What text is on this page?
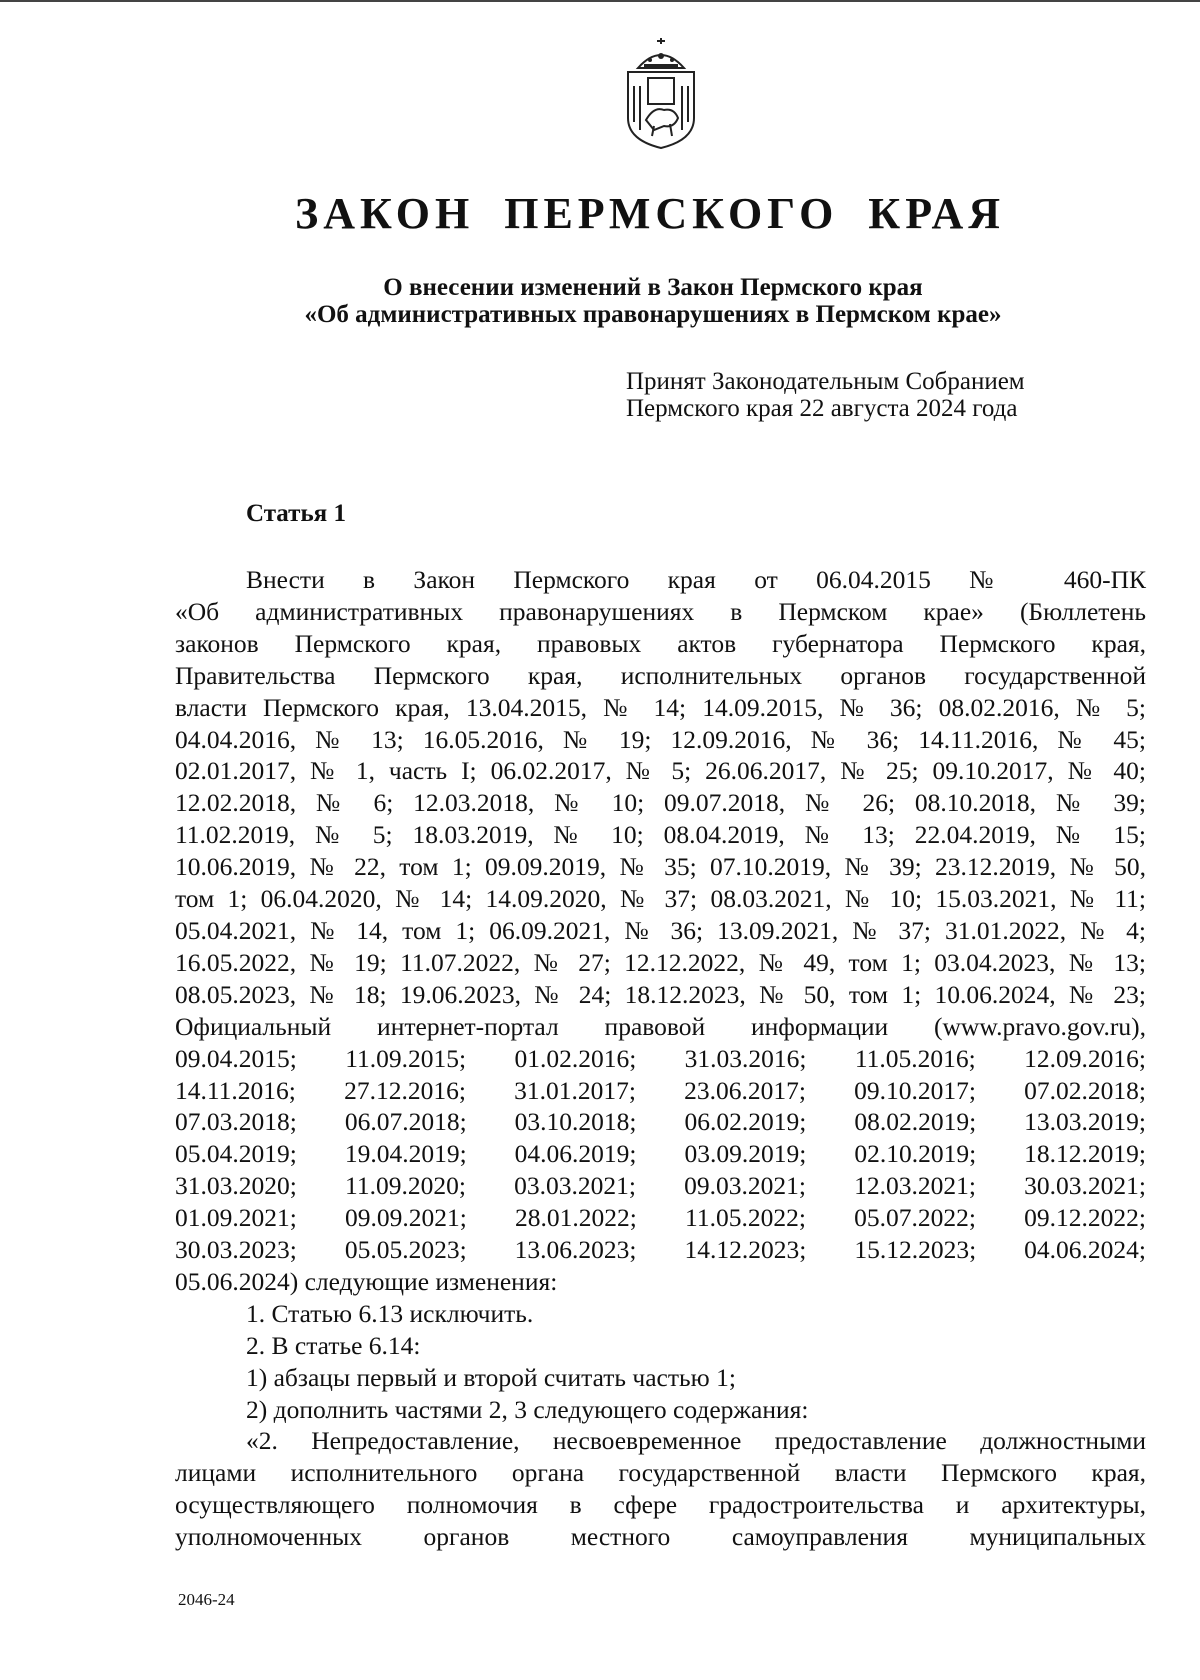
ЗАКОН ПЕРМСКОГО КРАЯ
О внесении изменений в Закон Пермского края
«Об административных правонарушениях в Пермском крае»
Принят Законодательным Собранием
Пермского края 22 августа 2024 года
Статья 1

Внести в Закон Пермского края от 06.04.2015 № 460-ПК

«Об административных правонарушениях в Пермском крае» (Бюллетень

законов Пермского края, правовых актов губернатора Пермского края,

Правительства Пермского края, исполнительных органов государственной

власти Пермского края, 13.04.2015, № 14; 14.09.2015, № 36; 08.02.2016, № 5;

04.04.2016, № 13; 16.05.2016, № 19; 12.09.2016, № 36; 14.11.2016, № 45;

02.01.2017, № 1, часть I; 06.02.2017, № 5; 26.06.2017, № 25; 09.10.2017, № 40;

12.02.2018, № 6; 12.03.2018, № 10; 09.07.2018, № 26; 08.10.2018, № 39;

11.02.2019, № 5; 18.03.2019, № 10; 08.04.2019, № 13; 22.04.2019, № 15;

10.06.2019, № 22, том 1; 09.09.2019, № 35; 07.10.2019, № 39; 23.12.2019, № 50,

том 1; 06.04.2020, № 14; 14.09.2020, № 37; 08.03.2021, № 10; 15.03.2021, № 11;

05.04.2021, № 14, том 1; 06.09.2021, № 36; 13.09.2021, № 37; 31.01.2022, № 4;

16.05.2022, № 19; 11.07.2022, № 27; 12.12.2022, № 49, том 1; 03.04.2023, № 13;

08.05.2023, № 18; 19.06.2023, № 24; 18.12.2023, № 50, том 1; 10.06.2024, № 23;

Официальный интернет-портал правовой информации (www.pravo.gov.ru),

09.04.2015; 11.09.2015; 01.02.2016; 31.03.2016; 11.05.2016; 12.09.2016;
14.11.2016; 27.12.2016; 31.01.2017; 23.06.2017; 09.10.2017; 07.02.2018;
07.03.2018; 06.07.2018; 03.10.2018; 06.02.2019; 08.02.2019; 13.03.2019;
05.04.2019; 19.04.2019; 04.06.2019; 03.09.2019; 02.10.2019; 18.12.2019;
31.03.2020; 11.09.2020; 03.03.2021; 09.03.2021; 12.03.2021; 30.03.2021;
01.09.2021; 09.09.2021; 28.01.2022; 11.05.2022; 05.07.2022; 09.12.2022;
30.03.2023; 05.05.2023; 13.06.2023; 14.12.2023; 15.12.2023; 04.06.2024;

05.06.2024) следующие изменения:

1. Статью 6.13 исключить.

2. В статье 6.14:

1) абзацы первый и второй считать частью 1;

2) дополнить частями 2, 3 следующего содержания:

«2. Непредоставление, несвоевременное предоставление должностными

лицами исполнительного органа государственной власти Пермского края,

осуществляющего полномочия в сфере градостроительства и архитектуры,

уполномоченных органов местного самоуправления муниципальных

2046-24
